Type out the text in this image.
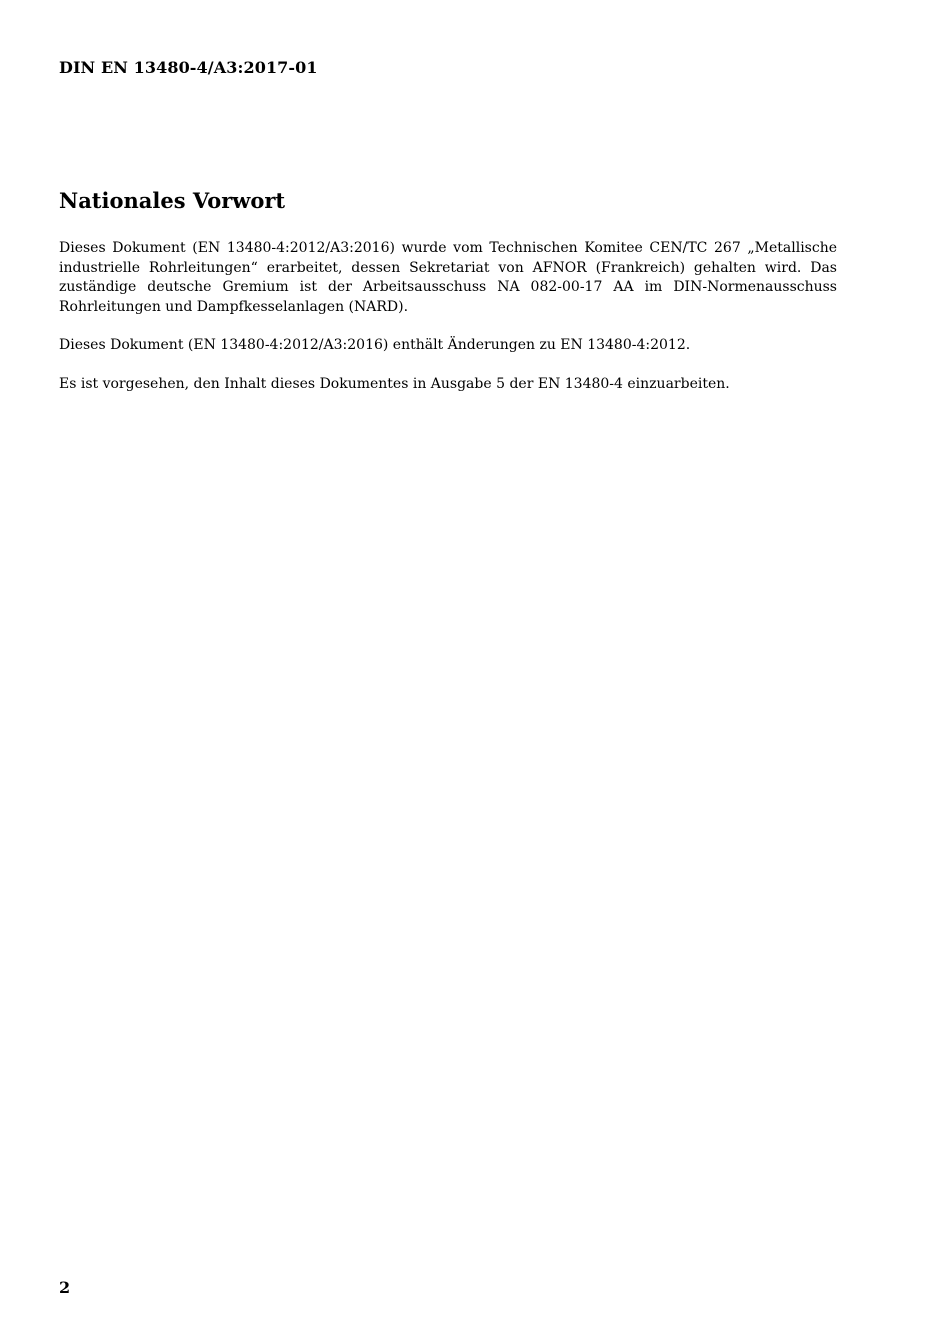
DIN EN 13480-4/A3:2017-01
Nationales Vorwort

Dieses Dokument (EN 13480-4:2012/A3:2016) wurde vom Technischen Komitee CEN/TC 267 „Metallische industrielle Rohrleitungen“ erarbeitet, dessen Sekretariat von AFNOR (Frankreich) gehalten wird. Das zuständige deutsche Gremium ist der Arbeitsausschuss NA 082-00-17 AA im DIN-Normenausschuss Rohrleitungen und Dampfkesselanlagen (NARD).

Dieses Dokument (EN 13480-4:2012/A3:2016) enthält Änderungen zu EN 13480-4:2012.

Es ist vorgesehen, den Inhalt dieses Dokumentes in Ausgabe 5 der EN 13480-4 einzuarbeiten.

2
